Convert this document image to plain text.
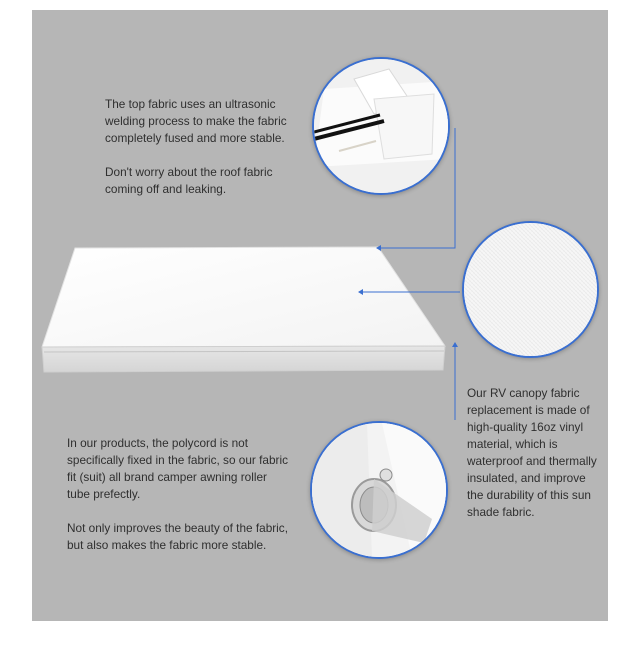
The top fabric uses an ultrasonic

welding process to make the fabric

completely fused and more stable.

Don't worry about the roof fabric

coming off and leaking.

In our products, the polycord is not

specifically fixed in the fabric, so our fabric

fit (suit) all brand camper awning roller

tube prefectly.

Not only improves the beauty of the fabric,

but also makes the fabric more stable.

Our RV canopy fabric

replacement is made of

high-quality 16oz vinyl

material, which is

waterproof and thermally

insulated, and improve

the durability of this sun

shade fabric.
